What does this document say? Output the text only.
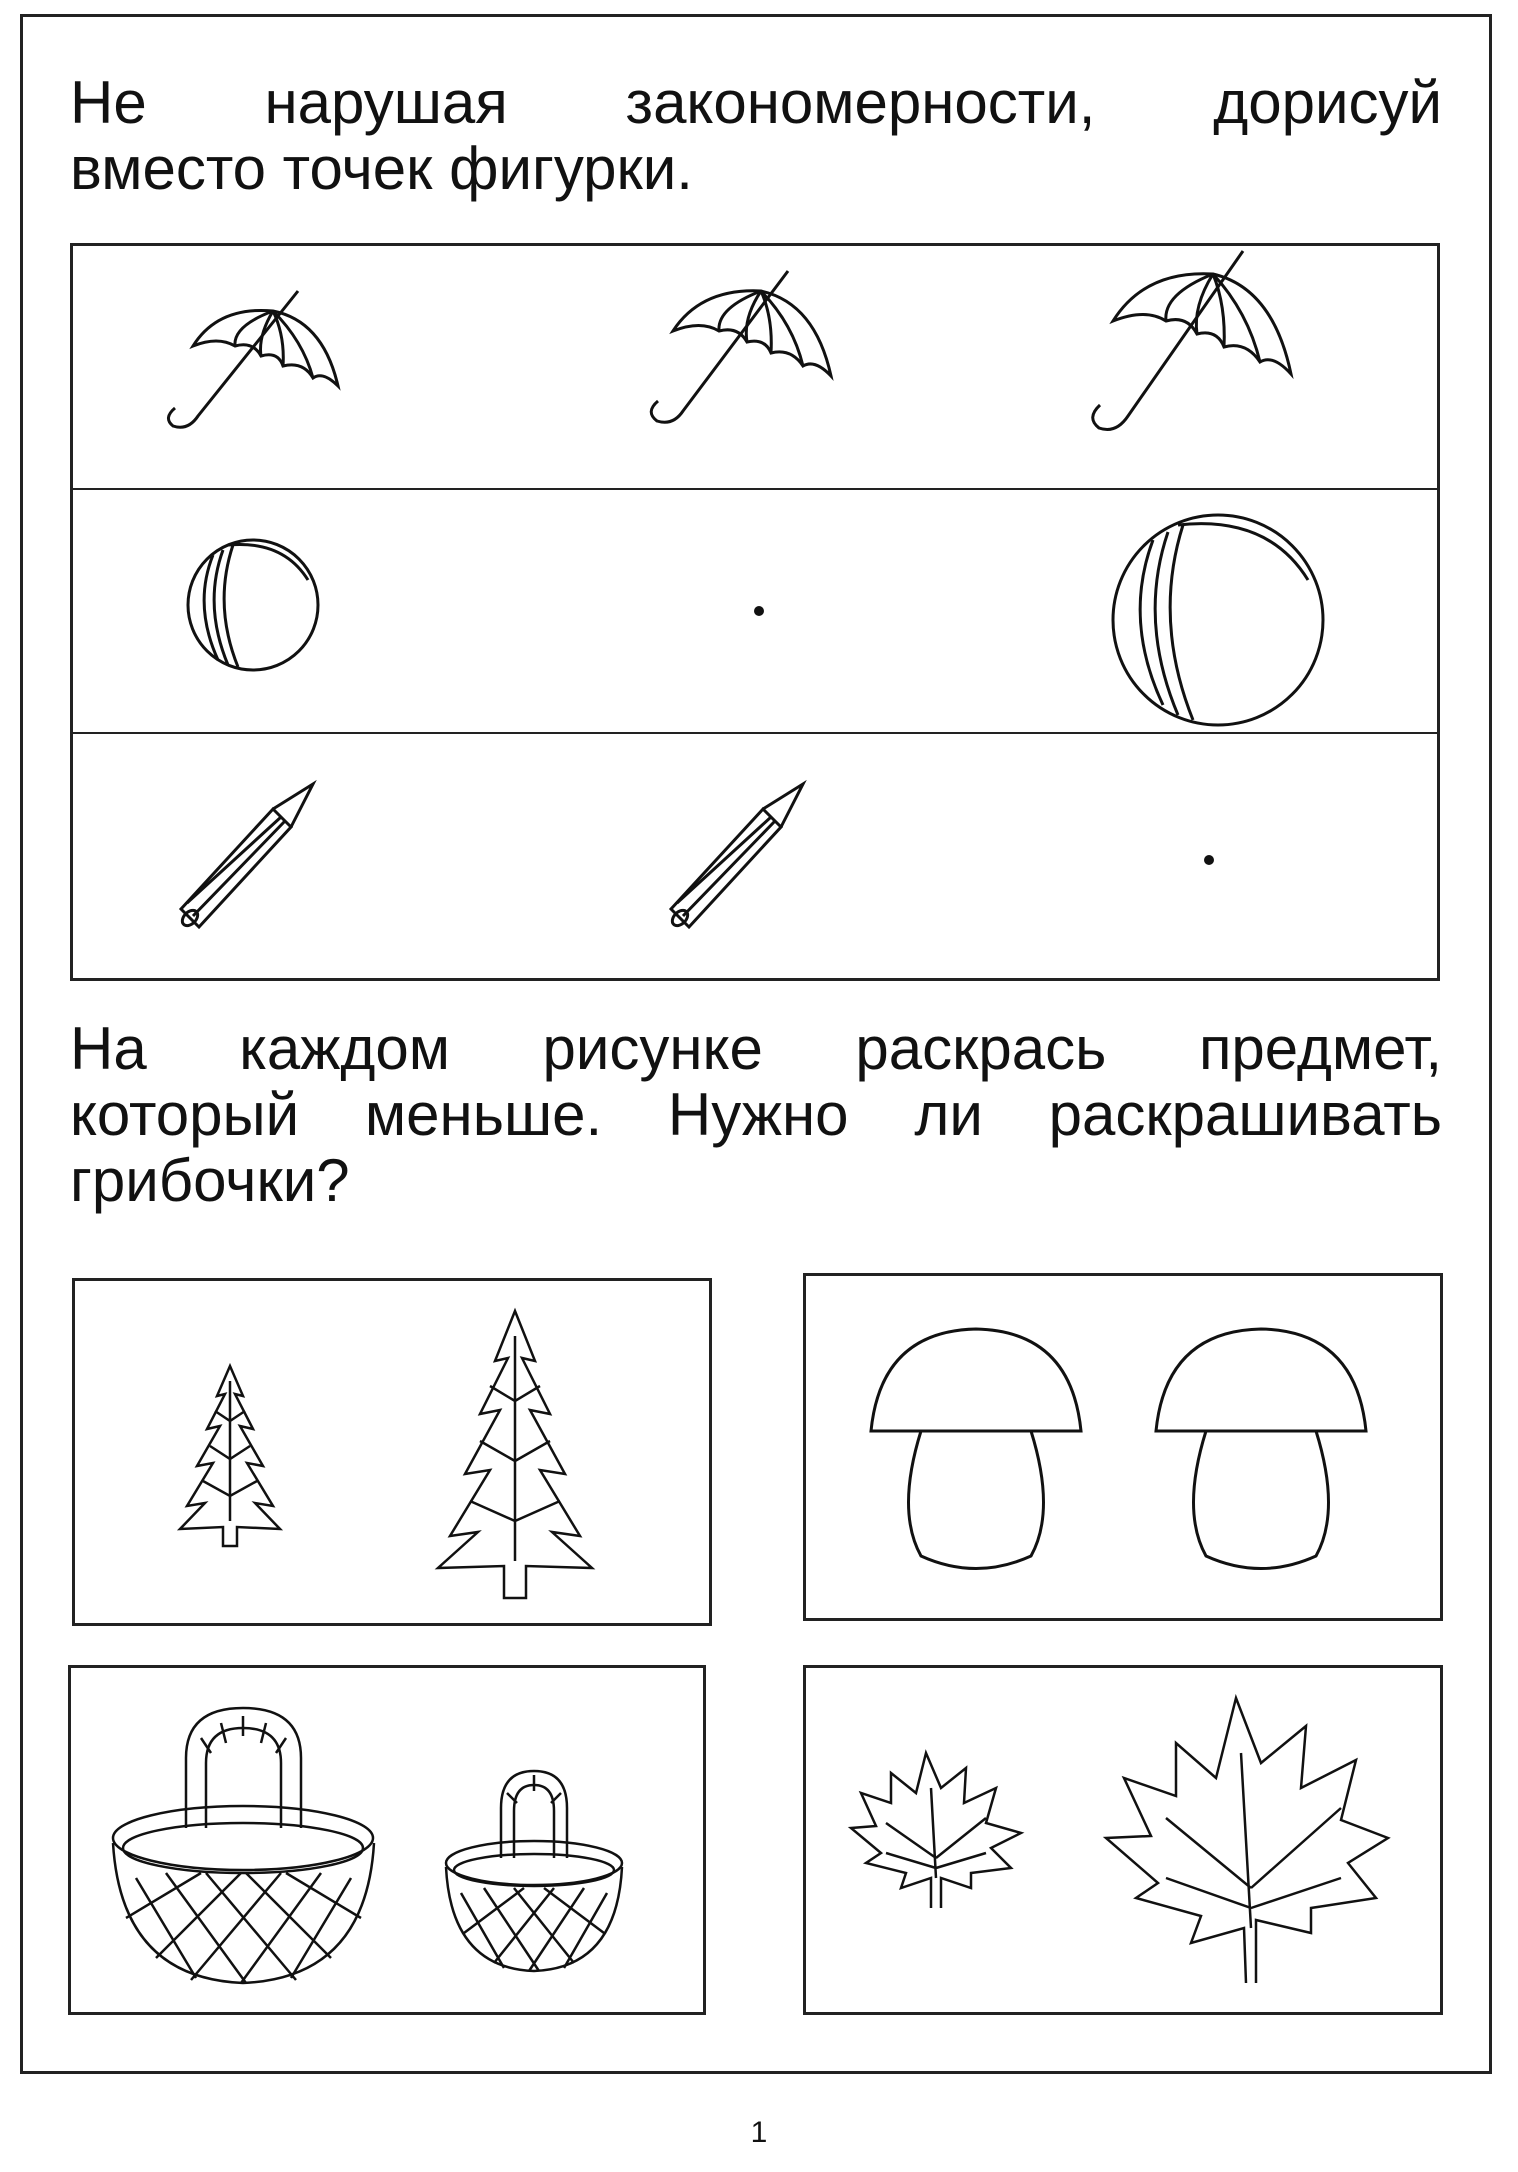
Не нарушая закономерности, дорисуй
вместо точек фигурки.
На каждом рисунке раскрась предмет,
который меньше. Нужно ли раскрашивать
грибочки?
1
